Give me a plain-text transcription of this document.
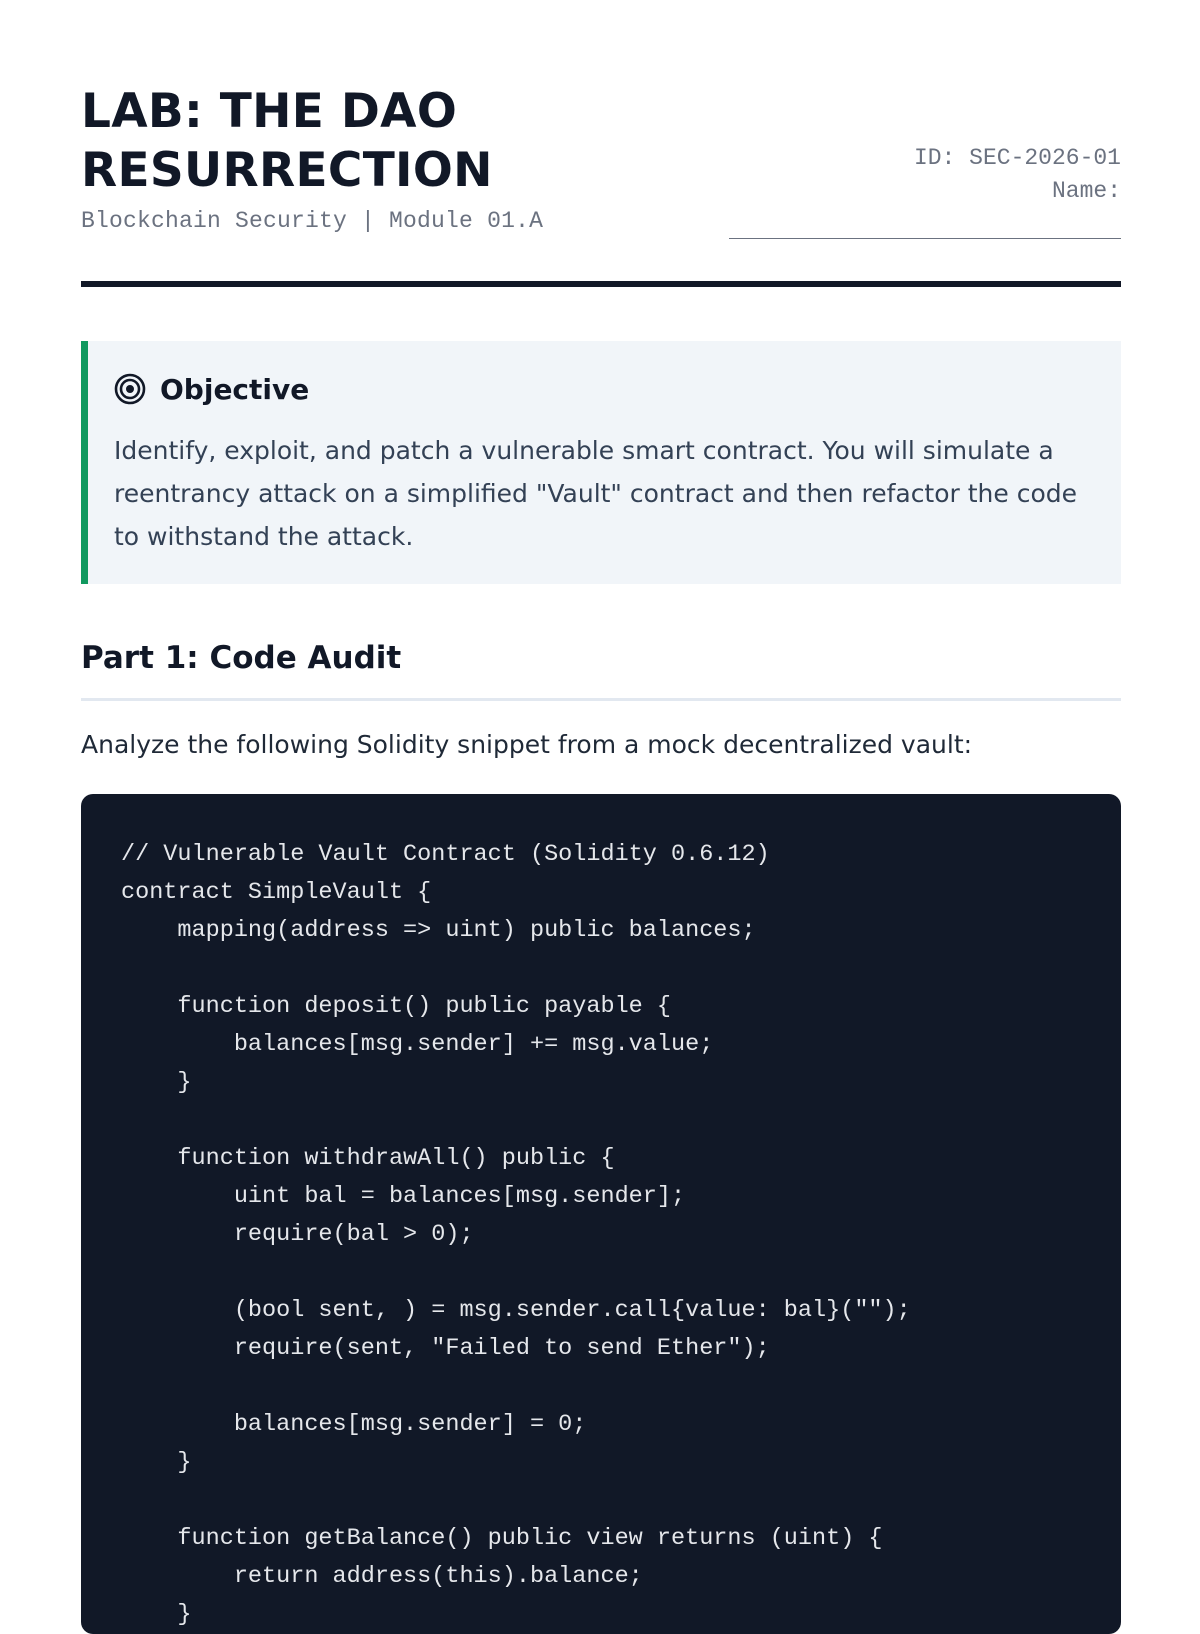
LAB: THE DAO RESURRECTION
Blockchain Security | Module 01.A
ID: SEC-2026-01
Name:
Objective
Identify, exploit, and patch a vulnerable smart contract. You will simulate a reentrancy attack on a simplified "Vault" contract and then refactor the code to withstand the attack.
Part 1: Code Audit
Analyze the following Solidity snippet from a mock decentralized vault:
// Vulnerable Vault Contract (Solidity 0.6.12)
contract SimpleVault {
mapping(address => uint) public balances;

function deposit() public payable {
balances[msg.sender] += msg.value;
}

function withdrawAll() public {
uint bal = balances[msg.sender];
require(bal > 0);

(bool sent, ) = msg.sender.call{value: bal}("");
require(sent, "Failed to send Ether");

balances[msg.sender] = 0;
}

function getBalance() public view returns (uint) {
return address(this).balance;
}
